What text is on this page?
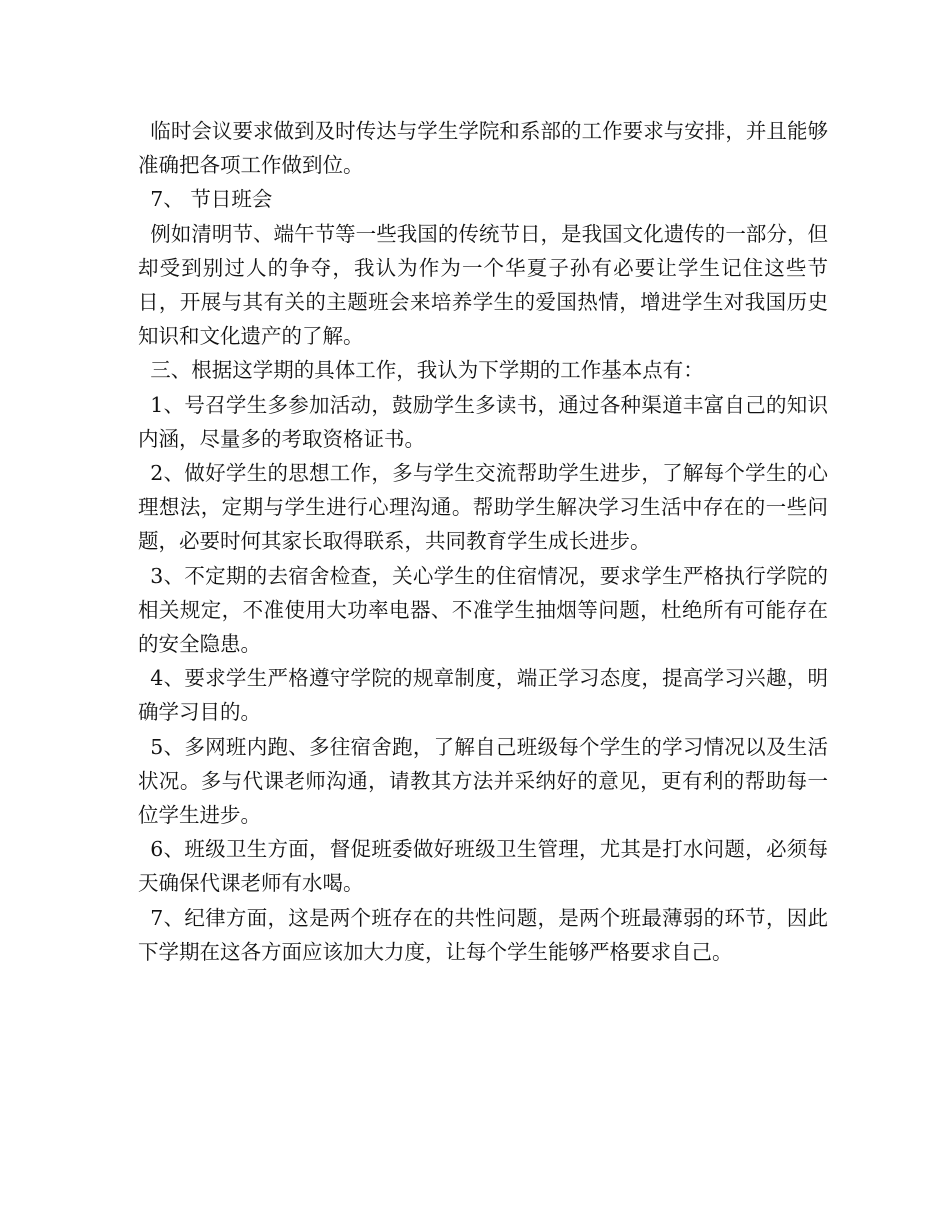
临时会议要求做到及时传达与学生学院和系部的工作要求与安排，并且能够准确把各项工作做到位。

7、 节日班会

例如清明节、端午节等一些我国的传统节日，是我国文化遗传的一部分，但却受到别过人的争夺，我认为作为一个华夏子孙有必要让学生记住这些节日，开展与其有关的主题班会来培养学生的爱国热情，增进学生对我国历史知识和文化遗产的了解。

三、根据这学期的具体工作，我认为下学期的工作基本点有：

1、号召学生多参加活动，鼓励学生多读书，通过各种渠道丰富自己的知识内涵，尽量多的考取资格证书。

2、做好学生的思想工作，多与学生交流帮助学生进步，了解每个学生的心理想法，定期与学生进行心理沟通。帮助学生解决学习生活中存在的一些问题，必要时何其家长取得联系，共同教育学生成长进步。

3、不定期的去宿舍检查，关心学生的住宿情况，要求学生严格执行学院的相关规定，不准使用大功率电器、不准学生抽烟等问题，杜绝所有可能存在的安全隐患。

4、要求学生严格遵守学院的规章制度，端正学习态度，提高学习兴趣，明确学习目的。

5、多网班内跑、多往宿舍跑，了解自己班级每个学生的学习情况以及生活状况。多与代课老师沟通，请教其方法并采纳好的意见，更有利的帮助每一位学生进步。

6、班级卫生方面，督促班委做好班级卫生管理，尤其是打水问题，必须每天确保代课老师有水喝。

7、纪律方面，这是两个班存在的共性问题，是两个班最薄弱的环节，因此下学期在这各方面应该加大力度，让每个学生能够严格要求自己。
